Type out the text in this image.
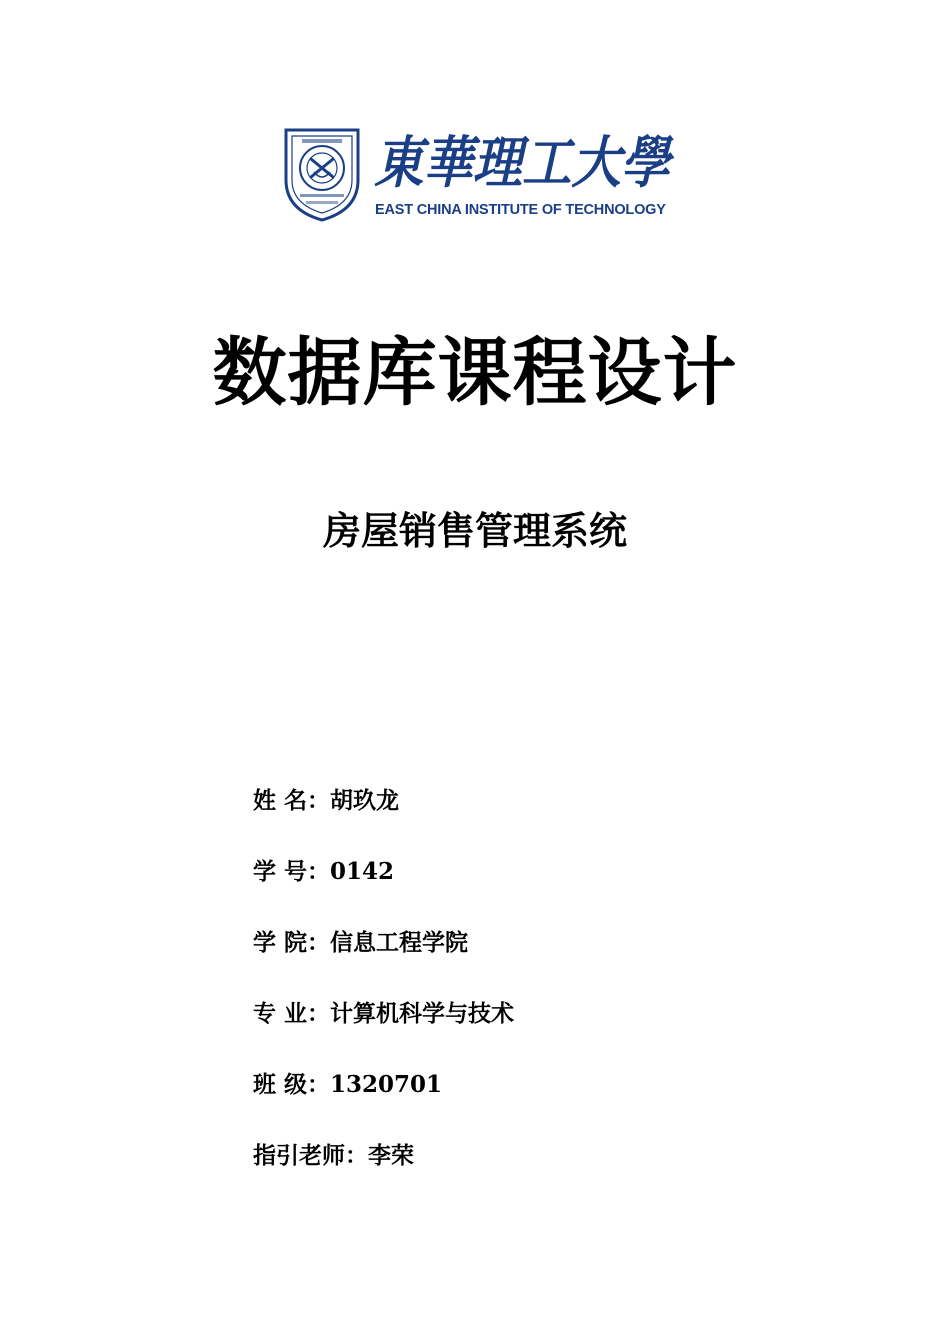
東華理工大學
EAST CHINA INSTITUTE OF TECHNOLOGY
数据库课程设计
房屋销售管理系统
姓 名：胡玖龙
学 号：0142
学 院：信息工程学院
专 业：计算机科学与技术
班 级：1320701
指引老师：李荣
